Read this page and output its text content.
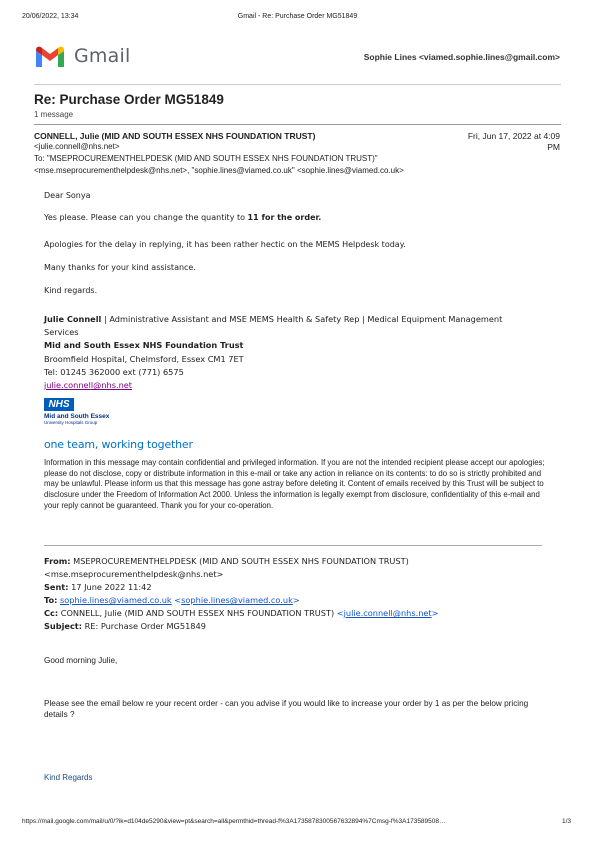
20/06/2022, 13:34	Gmail - Re: Purchase Order MG51849
Gmail	Sophie Lines <viamed.sophie.lines@gmail.com>
Re: Purchase Order MG51849
1 message
CONNELL, Julie (MID AND SOUTH ESSEX NHS FOUNDATION TRUST)	Fri, Jun 17, 2022 at 4:09
PM
<julie.connell@nhs.net>
To: "MSEPROCUREMENTHELPDESK (MID AND SOUTH ESSEX NHS FOUNDATION TRUST)"
<mse.mseprocurementhelpdesk@nhs.net>, "sophie.lines@viamed.co.uk" <sophie.lines@viamed.co.uk>
Dear Sonya
Yes please. Please can you change the quantity to 11 for the order.
Apologies for the delay in replying, it has been rather hectic on the MEMS Helpdesk today.
Many thanks for your kind assistance.
Kind regards.
Julie Connell | Administrative Assistant and MSE MEMS Health & Safety Rep | Medical Equipment Management
Services
Mid and South Essex NHS Foundation Trust
Broomfield Hospital, Chelmsford, Essex CM1 7ET
Tel: 01245 362000 ext (771) 6575
julie.connell@nhs.net
NHS
Mid and South Essex
University Hospitals Group
one team, working together
Information in this message may contain confidential and privileged information. If you are not the intended recipient please accept our apologies; please do not disclose, copy or distribute information in this e-mail or take any action in reliance on its contents: to do so is strictly prohibited and may be unlawful. Please inform us that this message has gone astray before deleting it. Content of emails received by this Trust will be subject to disclosure under the Freedom of Information Act 2000. Unless the information is legally exempt from disclosure, confidentiality of this e-mail and your reply cannot be guaranteed. Thank you for your co-operation.
From: MSEPROCUREMENTHELPDESK (MID AND SOUTH ESSEX NHS FOUNDATION TRUST)
<mse.mseprocurementhelpdesk@nhs.net>
Sent: 17 June 2022 11:42
To: sophie.lines@viamed.co.uk <sophie.lines@viamed.co.uk>
Cc: CONNELL, Julie (MID AND SOUTH ESSEX NHS FOUNDATION TRUST) <julie.connell@nhs.net>
Subject: RE: Purchase Order MG51849
Good morning Julie,
Please see the email below re your recent order - can you advise if you would like to increase your order by 1 as per the below pricing details ?
Kind Regards
https://mail.google.com/mail/u/0/?ik=d104de5290&view=pt&search=all&permthid=thread-f%3A1735878300567632894%7Cmsg-f%3A173589508…	1/3
